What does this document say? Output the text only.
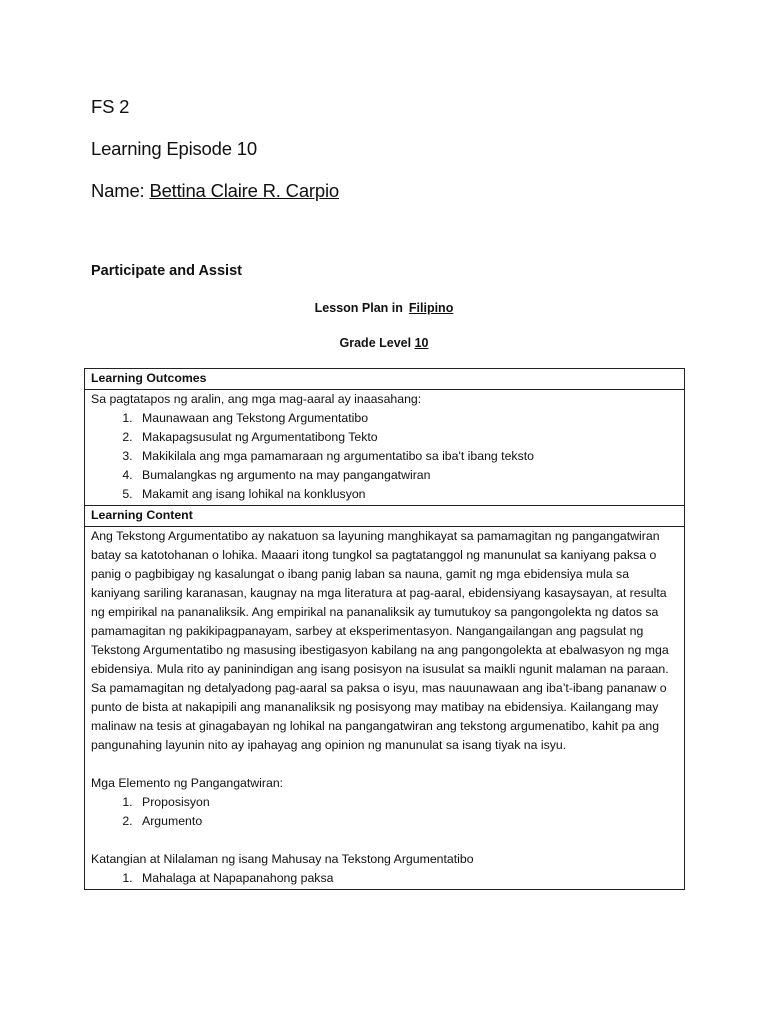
FS 2
Learning Episode 10
Name: Bettina Claire R. Carpio
Participate and Assist
Lesson Plan in Filipino
Grade Level 10
Learning Outcomes

Sa pagtatapos ng aralin, ang mga mag-aaral ay inaasahang:
1. Maunawaan ang Tekstong Argumentatibo
2. Makapagsusulat ng Argumentatibong Tekto
3. Makikilala ang mga pamamaraan ng argumentatibo sa iba't ibang teksto
4. Bumalangkas ng argumento na may pangangatwiran
5. Makamit ang isang lohikal na konklusyon

Learning Content

Ang Tekstong Argumentatibo ay nakatuon sa layuning manghikayat sa pamamagitan ng pangangatwiran batay sa katotohanan o lohika. Maaari itong tungkol sa pagtatanggol ng manunulat sa kaniyang paksa o panig o pagbibigay ng kasalungat o ibang panig laban sa nauna, gamit ng mga ebidensiya mula sa kaniyang sariling karanasan, kaugnay na mga literatura at pag-aaral, ebidensiyang kasaysayan, at resulta ng empirikal na pananaliksik. Ang empirikal na pananaliksik ay tumutukoy sa pangongolekta ng datos sa pamamagitan ng pakikipagpanayam, sarbey at eksperimentasyon. Nangangailangan ang pagsulat ng Tekstong Argumentatibo ng masusing ibestigasyon kabilang na ang pangongolekta at ebalwasyon ng mga ebidensiya. Mula rito ay paninindigan ang isang posisyon na isusulat sa maikli ngunit malaman na paraan. Sa pamamagitan ng detalyadong pag-aaral sa paksa o isyu, mas nauunawaan ang iba’t-ibang pananaw o punto de bista at nakapipili ang mananaliksik ng posisyong may matibay na ebidensiya. Kailangang may malinaw na tesis at ginagabayan ng lohikal na pangangatwiran ang tekstong argumenatibo, kahit pa ang pangunahing layunin nito ay ipahayag ang opinion ng manunulat sa isang tiyak na isyu.

Mga Elemento ng Pangangatwiran:
1. Proposisyon
2. Argumento
Katangian at Nilalaman ng isang Mahusay na Tekstong Argumentatibo
1. Mahalaga at Napapanahong paksa
